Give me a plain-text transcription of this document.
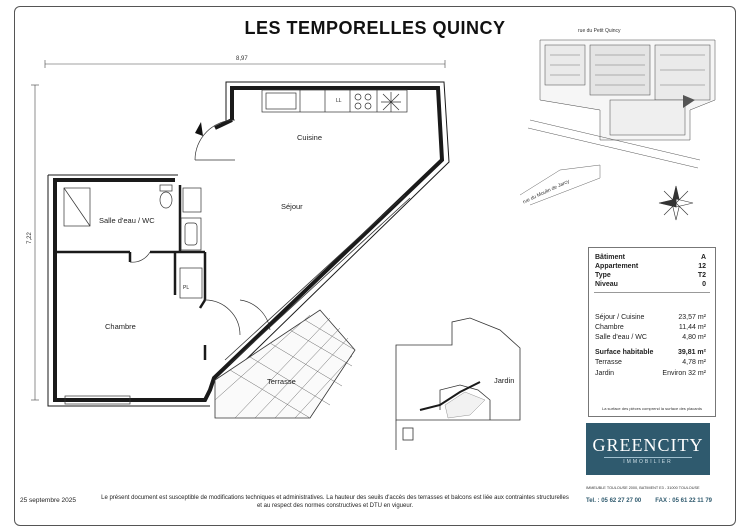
LES TEMPORELLES QUINCY
8,97
7,22
Cuisine
Séjour
Salle d'eau / WC
Chambre
Terrasse	Jardin
LL
PL
rue du Petit Quincy
rue du Moulin de Jarcy
Bâtiment	A
Appartement	12
Type	T2
Niveau	0
Séjour / Cuisine	23,57 m²
Chambre	11,44 m²
Salle d'eau / WC	4,80 m²
Surface habitable	39,81 m²
Terrasse	4,78 m²
Jardin	Environ 32 m²
La surface des pièces comprend la surface des placards
GREENCITY
IMMOBILIER
IMMEUBLE TOULOUSE 2000, BATIMENT E3 - 31000 TOULOUSE
Tel. : 05 62 27 27 00 FAX : 05 61 22 11 79
25 septembre 2025	Le présent document est susceptible de modifications techniques et administratives. La hauteur des seuils d'accès des terrasses et balcons est liée aux contraintes structurelles et au respect des normes constructives et DTU en vigueur.
